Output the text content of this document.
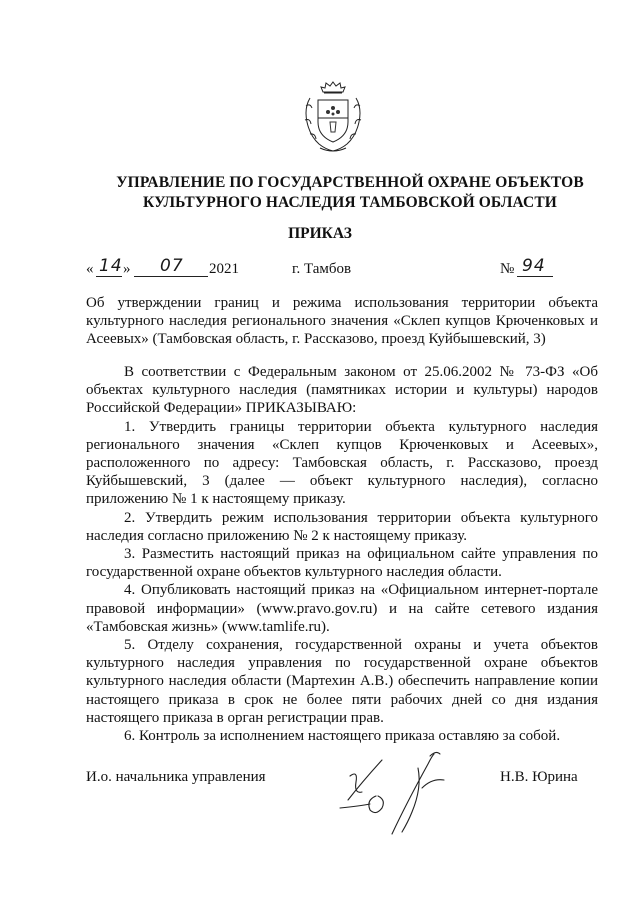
УПРАВЛЕНИЕ ПО ГОСУДАРСТВЕННОЙ ОХРАНЕ ОБЪЕКТОВ
КУЛЬТУРНОГО НАСЛЕДИЯ ТАМБОВСКОЙ ОБЛАСТИ
ПРИКАЗ
« 14 » 07 2021	г. Тамбов	№ 94
Об утверждении границ и режима использования территории объекта культурного наследия регионального значения «Склеп купцов Крюченковых и Асеевых» (Тамбовская область, г. Рассказово, проезд Куйбышевский, 3)

В соответствии с Федеральным законом от 25.06.2002 № 73-ФЗ «Об объектах культурного наследия (памятниках истории и культуры) народов Российской Федерации» ПРИКАЗЫВАЮ:

1. Утвердить границы территории объекта культурного наследия регионального значения «Склеп купцов Крюченковых и Асеевых», расположенного по адресу: Тамбовская область, г. Рассказово, проезд Куйбышевский, 3 (далее — объект культурного наследия), согласно приложению № 1 к настоящему приказу.

2. Утвердить режим использования территории объекта культурного наследия согласно приложению № 2 к настоящему приказу.

3. Разместить настоящий приказ на официальном сайте управления по государственной охране объектов культурного наследия области.

4. Опубликовать настоящий приказ на «Официальном интернет-портале правовой информации» (www.pravo.gov.ru) и на сайте сетевого издания «Тамбовская жизнь» (www.tamlife.ru).

5. Отделу сохранения, государственной охраны и учета объектов культурного наследия управления по государственной охране объектов культурного наследия области (Мартехин А.В.) обеспечить направление копии настоящего приказа в срок не более пяти рабочих дней со дня издания настоящего приказа в орган регистрации прав.

6. Контроль за исполнением настоящего приказа оставляю за собой.

И.о. начальника управления	Н.В. Юрина
